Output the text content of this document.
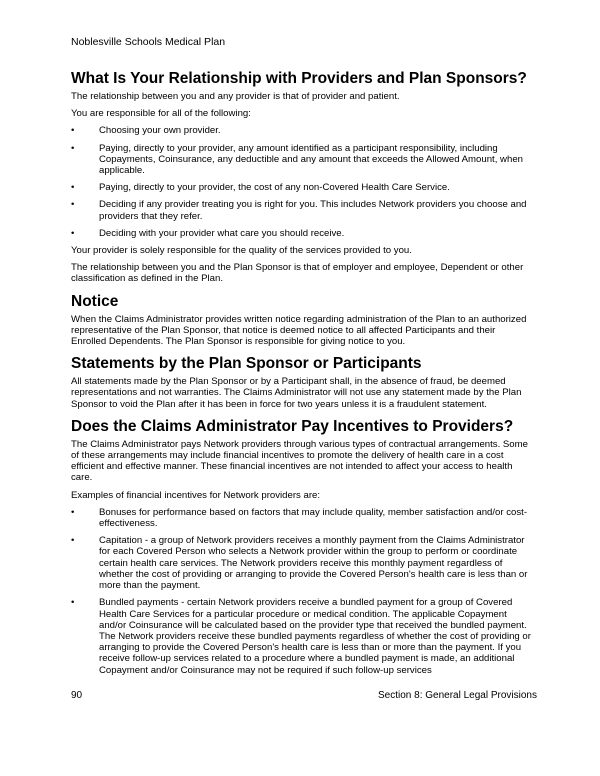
Noblesville Schools Medical Plan
What Is Your Relationship with Providers and Plan Sponsors?

The relationship between you and any provider is that of provider and patient.

You are responsible for all of the following:

•	Choosing your own provider.
•	Paying, directly to your provider, any amount identified as a participant responsibility, including Copayments, Coinsurance, any deductible and any amount that exceeds the Allowed Amount, when applicable.
•	Paying, directly to your provider, the cost of any non-Covered Health Care Service.
•	Deciding if any provider treating you is right for you. This includes Network providers you choose and providers that they refer.
•	Deciding with your provider what care you should receive.

Your provider is solely responsible for the quality of the services provided to you.

The relationship between you and the Plan Sponsor is that of employer and employee, Dependent or other classification as defined in the Plan.

Notice

When the Claims Administrator provides written notice regarding administration of the Plan to an authorized representative of the Plan Sponsor, that notice is deemed notice to all affected Participants and their Enrolled Dependents. The Plan Sponsor is responsible for giving notice to you.

Statements by the Plan Sponsor or Participants

All statements made by the Plan Sponsor or by a Participant shall, in the absence of fraud, be deemed representations and not warranties. The Claims Administrator will not use any statement made by the Plan Sponsor to void the Plan after it has been in force for two years unless it is a fraudulent statement.

Does the Claims Administrator Pay Incentives to Providers?

The Claims Administrator pays Network providers through various types of contractual arrangements. Some of these arrangements may include financial incentives to promote the delivery of health care in a cost efficient and effective manner. These financial incentives are not intended to affect your access to health care.

Examples of financial incentives for Network providers are:

•	Bonuses for performance based on factors that may include quality, member satisfaction and/or cost-effectiveness.
•	Capitation - a group of Network providers receives a monthly payment from the Claims Administrator for each Covered Person who selects a Network provider within the group to perform or coordinate certain health care services. The Network providers receive this monthly payment regardless of whether the cost of providing or arranging to provide the Covered Person's health care is less than or more than the payment.
•	Bundled payments - certain Network providers receive a bundled payment for a group of Covered Health Care Services for a particular procedure or medical condition. The applicable Copayment and/or Coinsurance will be calculated based on the provider type that received the bundled payment. The Network providers receive these bundled payments regardless of whether the cost of providing or arranging to provide the Covered Person's health care is less than or more than the payment. If you receive follow-up services related to a procedure where a bundled payment is made, an additional Copayment and/or Coinsurance may not be required if such follow-up services
90	Section 8: General Legal Provisions
